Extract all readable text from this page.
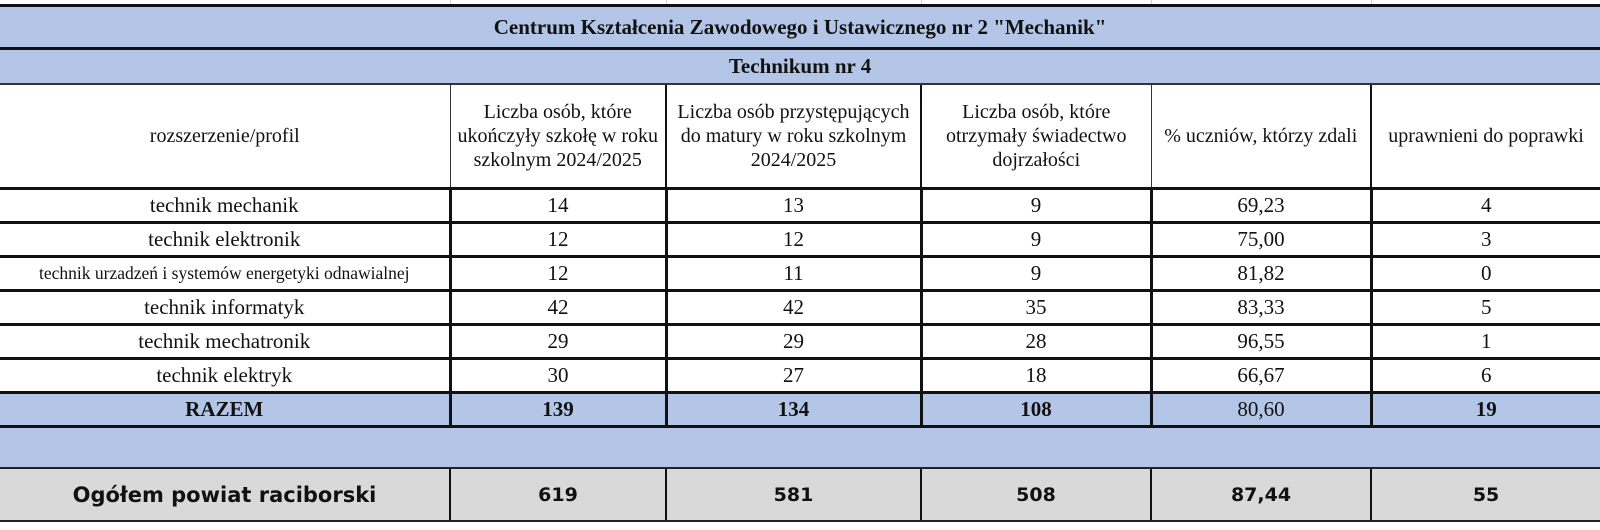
Centrum Kształcenia Zawodowego i Ustawicznego nr 2 "Mechanik"					
Technikum nr 4					
rozszerzenie/profil	Liczba osób, które ukończyły szkołę w roku szkolnym 2024/2025	Liczba osób przystępujących do matury w roku szkolnym 2024/2025	Liczba osób, które otrzymały świadectwo dojrzałości	% uczniów, którzy zdali	uprawnieni do poprawki
technik mechanik	14	13	9	69,23	4
technik elektronik	12	12	9	75,00	3
technik urzadzeń i systemów energetyki odnawialnej	12	11	9	81,82	0
technik informatyk	42	42	35	83,33	5
technik mechatronik	29	29	28	96,55	1
technik elektryk	30	27	18	66,67	6
RAZEM	139	134	108	80,60	19

Ogółem powiat raciborski	619	581	508	87,44	55
